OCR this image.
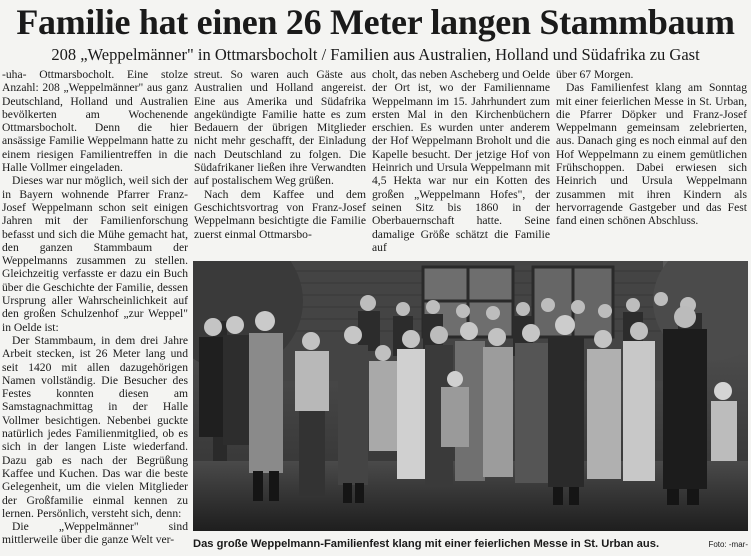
Familie hat einen 26 Meter langen Stammbaum
208 „Weppelmänner" in Ottmarsbocholt / Familien aus Australien, Holland und Südafrika zu Gast

-uha- Ottmarsbocholt. Eine stolze Anzahl: 208 „Weppelmänner" aus ganz Deutschland, Holland und Australien bevölkerten am Wochenende Ottmarsbocholt. Denn die hier ansässige Familie Weppelmann hatte zu einem riesigen Familientreffen in die Halle Vollmer eingeladen.

Dieses war nur möglich, weil sich der in Bayern wohnende Pfarrer Franz-Josef Weppelmann schon seit einigen Jahren mit der Familienforschung befasst und sich die Mühe gemacht hat, den ganzen Stammbaum der Weppelmanns zusammen zu stellen. Gleichzeitig verfasste er dazu ein Buch über die Geschichte der Familie, dessen Ursprung aller Wahrscheinlichkeit auf den großen Schulzenhof „zur Weppel" in Oelde ist:

Der Stammbaum, in dem drei Jahre Arbeit stecken, ist 26 Meter lang und seit 1420 mit allen dazugehörigen Namen vollständig. Die Besucher des Festes konnten diesen am Samstagnachmittag in der Halle Vollmer besichtigen. Nebenbei guckte natürlich jedes Familienmitglied, ob es sich in der langen Liste wiederfand. Dazu gab es nach der Begrüßung Kaffee und Kuchen. Das war die beste Gelegenheit, um die vielen Mitglieder der Großfamilie einmal kennen zu lernen. Persönlich, versteht sich, denn:

Die „Weppelmänner" sind mittlerweile über die ganze Welt ver-

streut. So waren auch Gäste aus Australien und Holland angereist. Eine aus Amerika und Südafrika angekündigte Familie hatte es zum Bedauern der übrigen Mitglieder nicht mehr geschafft, der Einladung nach Deutschland zu folgen. Die Südafrikaner ließen ihre Verwandten auf postalischem Weg grüßen.

Nach dem Kaffee und dem Geschichtsvortrag von Franz-Josef Weppelmann besichtigte die Familie zuerst einmal Ottmarsbo-

cholt, das neben Ascheberg und Oelde der Ort ist, wo der Familienname Weppelmann im 15. Jahrhundert zum ersten Mal in den Kirchenbüchern erschien. Es wurden unter anderem der Hof Weppelmann Broholt und die Kapelle besucht. Der jetzige Hof von Heinrich und Ursula Weppelmann mit 4,5 Hekta war nur ein Kotten des großen „Weppelmann Hofes", der seinen Sitz bis 1860 in der Oberbauernschaft hatte. Seine damalige Größe schätzt die Familie auf

über 67 Morgen.

Das Familienfest klang am Sonntag mit einer feierlichen Messe in St. Urban, die Pfarrer Döpker und Franz-Josef Weppelmann gemeinsam zelebrierten, aus. Danach ging es noch einmal auf den Hof Weppelmann zu einem gemütlichen Frühschoppen. Dabei erwiesen sich Heinrich und Ursula Weppelmann zusammen mit ihren Kindern als hervorragende Gastgeber und das Fest fand einen schönen Abschluss.

Das große Weppelmann-Familienfest klang mit einer feierlichen Messe in St. Urban aus.	Foto: -mar-
